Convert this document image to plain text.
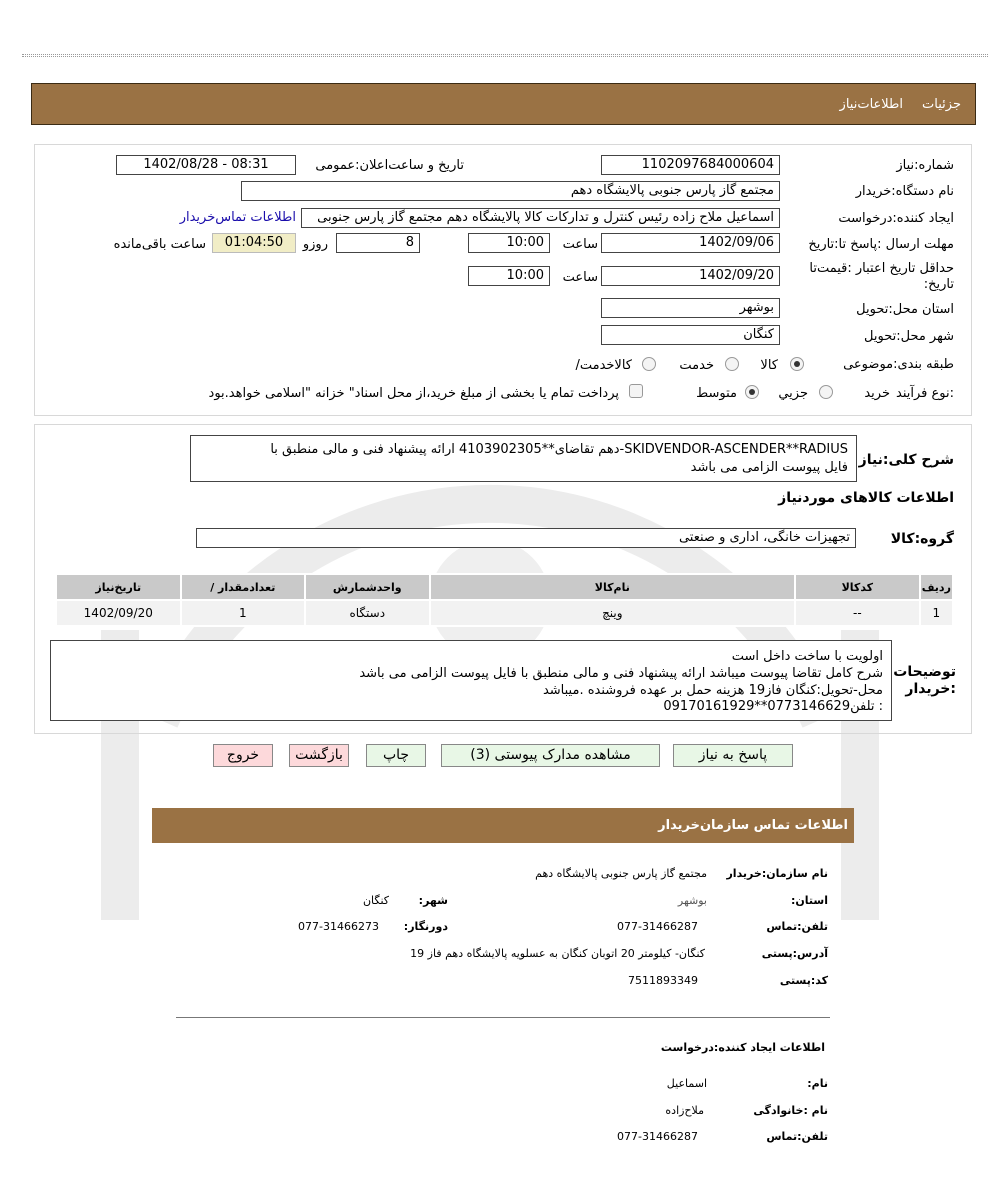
جزئیات
اطلاعات‌نیاز
شماره:نیاز
1102097684000604
تاریخ و ساعت‌اعلان:عمومی
1402/08/28 - 08:31
نام دستگاه:خریدار
مجتمع گاز پارس جنوبی پالایشگاه دهم
ایجاد کننده:درخواست
اسماعیل ملاح زاده رئیس کنترل و تدارکات کالا پالایشگاه دهم مجتمع گاز پارس جنوبی
اطلاعات تماس‌خریدار
مهلت ارسال :پاسخ تا:تاریخ
1402/09/06
ساعت
10:00
8
روزو
01:04:50
ساعت باقی‌مانده
حداقل تاریخ اعتبار :قیمت‌تا
:تاریخ
1402/09/20
ساعت
10:00
استان محل:تحویل
بوشهر
شهر محل:تحویل
کنگان
طبقه بندی:موضوعی
کالا
خدمت
/کالاخدمت
نوع فرآیند:
خرید
جزیي
متوسط
پرداخت تمام یا بخشی از مبلغ خرید،از محل اسناد" خزانه "اسلامی خواهد.بود
شرح کلی:نیاز
SKIDVENDOR-ASCENDER**RADIUS-دهم تقاضای**4103902305 ارائه پیشنهاد فنی و مالی منطبق با
فایل پیوست الزامی می باشد
اطلاعات کالاهای موردنیاز
گروه:کالا
تجهیزات خانگی، اداری و صنعتی
تاریخ‌نیاز	/ تعدادمقدار	واحدشمارش	نام‌کالا	کدکالا	ردیف
1402/09/20	1	دستگاه	وینچ	--	1
توضیحات :خریدار
اولویت با ساخت داخل است
شرح کامل تقاضا پیوست میباشد ارائه پیشنهاد فنی و مالی منطبق با فایل پیوست الزامی می باشد
محل-تحویل:کنگان فاز19 هزینه حمل بر عهده فروشنده .میباشد
: تلفن0773146629**09170161929
پاسخ به نیاز
مشاهده مدارک پیوستی (3)
چاپ
بازگشت
خروج
اطلاعات تماس سازمان‌خریدار
نام سازمان:خریدار
مجتمع گاز پارس جنوبی پالایشگاه دهم
:استان
بوشهر
:شهر
کنگان
تلفن:تماس
077-31466287
:دورنگار
077-31466273
آدرس:پستی
کنگان- کیلومتر 20 اتوبان کنگان به عسلویه پالایشگاه دهم فاز 19
کد:پستی
7511893349
اطلاعات ایجاد کننده:درخواست
:نام
اسماعیل
نام :خانوادگی
ملاح‌زاده
تلفن:تماس
077-31466287
